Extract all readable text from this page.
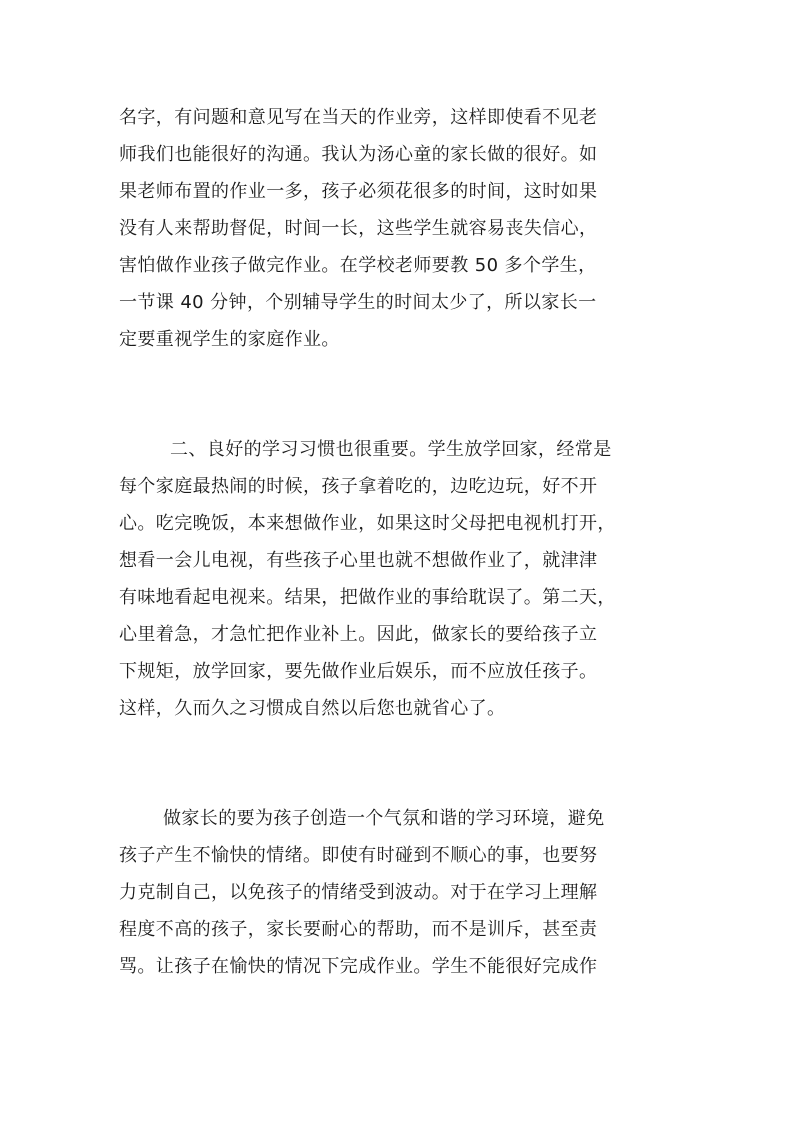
名字，有问题和意见写在当天的作业旁，这样即使看不见老
师我们也能很好的沟通。我认为汤心童的家长做的很好。如
果老师布置的作业一多，孩子必须花很多的时间，这时如果
没有人来帮助督促，时间一长，这些学生就容易丧失信心，
害怕做作业孩子做完作业。在学校老师要教 50 多个学生，
一节课 40 分钟，个别辅导学生的时间太少了，所以家长一
定要重视学生的家庭作业。
二、良好的学习习惯也很重要。学生放学回家，经常是
每个家庭最热闹的时候，孩子拿着吃的，边吃边玩，好不开
心。吃完晚饭，本来想做作业，如果这时父母把电视机打开，
想看一会儿电视，有些孩子心里也就不想做作业了，就津津
有味地看起电视来。结果，把做作业的事给耽误了。第二天，
心里着急，才急忙把作业补上。因此，做家长的要给孩子立
下规矩，放学回家，要先做作业后娱乐，而不应放任孩子。
这样，久而久之习惯成自然以后您也就省心了。
做家长的要为孩子创造一个气氛和谐的学习环境，避免
孩子产生不愉快的情绪。即使有时碰到不顺心的事，也要努
力克制自己，以免孩子的情绪受到波动。对于在学习上理解
程度不高的孩子，家长要耐心的帮助，而不是训斥，甚至责
骂。让孩子在愉快的情况下完成作业。学生不能很好完成作
